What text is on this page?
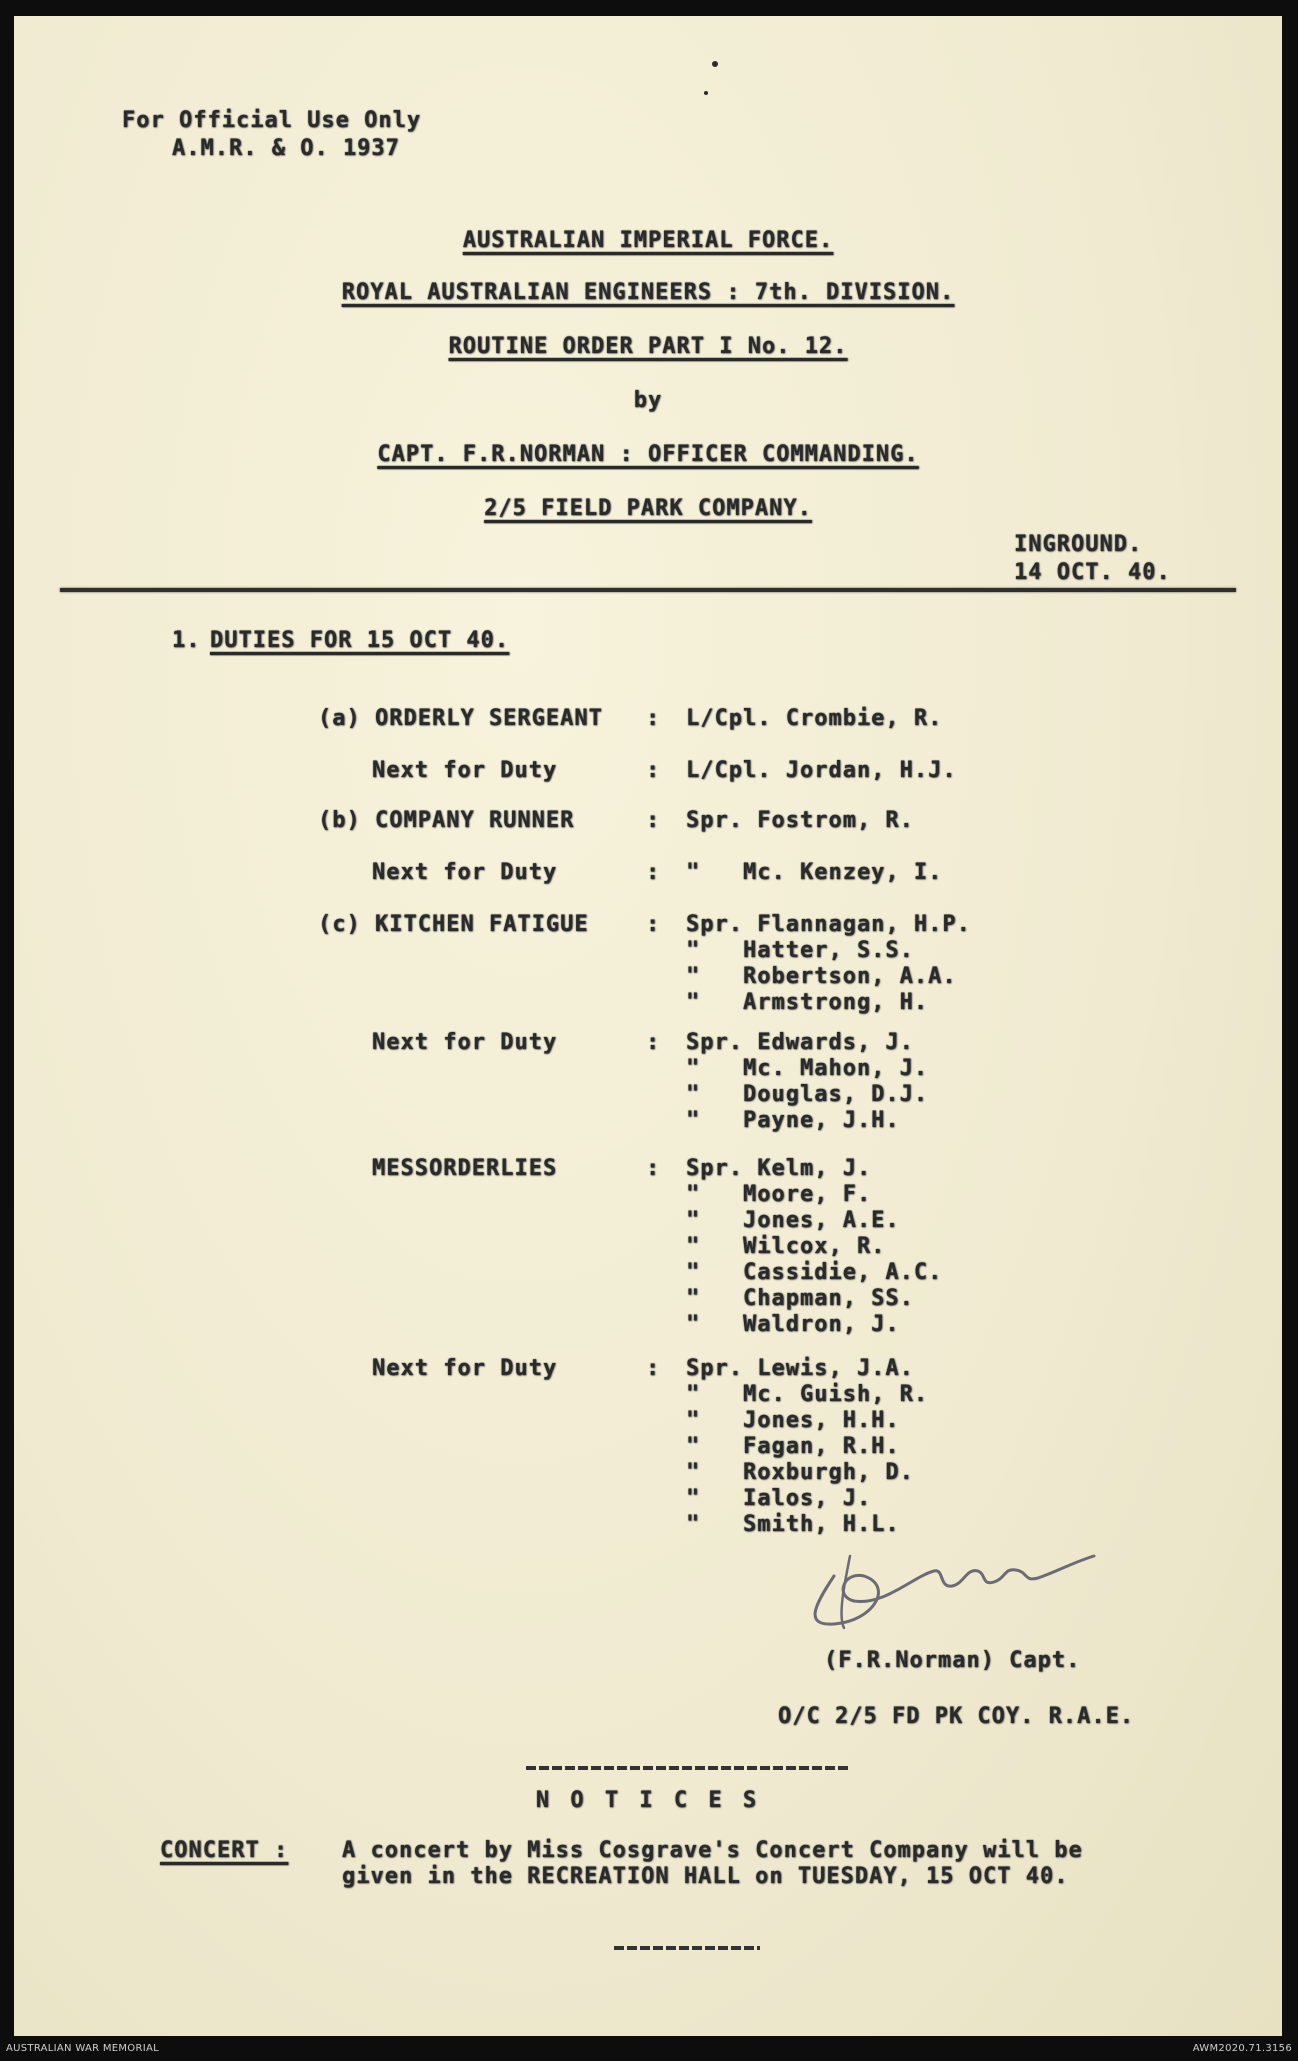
For Official Use Only
A.M.R. & O. 1937
AUSTRALIAN IMPERIAL FORCE.
ROYAL AUSTRALIAN ENGINEERS : 7th. DIVISION.
ROUTINE ORDER PART I No. 12.
by
CAPT. F.R.NORMAN : OFFICER COMMANDING.
2/5 FIELD PARK COMPANY.
INGROUND.
14 OCT. 40.
1. DUTIES FOR 15 OCT 40.
(a) ORDERLY SERGEANT : L/Cpl. Crombie, R.
Next for Duty	: L/Cpl. Jordan, H.J.
(b) COMPANY RUNNER	: Spr. Fostrom, R.
Next for Duty	: "   Mc. Kenzey, I.
(c) KITCHEN FATIGUE	: Spr. Flannagan, H.P.
"   Hatter, S.S.
"   Robertson, A.A.
"   Armstrong, H.
Next for Duty	: Spr. Edwards, J.
"   Mc. Mahon, J.
"   Douglas, D.J.
"   Payne, J.H.
MESSORDERLIES	: Spr. Kelm, J.
"   Moore, F.
"   Jones, A.E.
"   Wilcox, R.
"   Cassidie, A.C.
"   Chapman, SS.
"   Waldron, J.
Next for Duty	: Spr. Lewis, J.A.
"   Mc. Guish, R.
"   Jones, H.H.
"   Fagan, R.H.
"   Roxburgh, D.
"   Ialos, J.
"   Smith, H.L.
(F.R.Norman) Capt.
O/C 2/5 FD PK COY. R.A.E.
N O T I C E S
CONCERT : A concert by Miss Cosgrave's Concert Company will be
given in the RECREATION HALL on TUESDAY, 15 OCT 40.
AUSTRALIAN WAR MEMORIAL	AWM2020.71.3156
